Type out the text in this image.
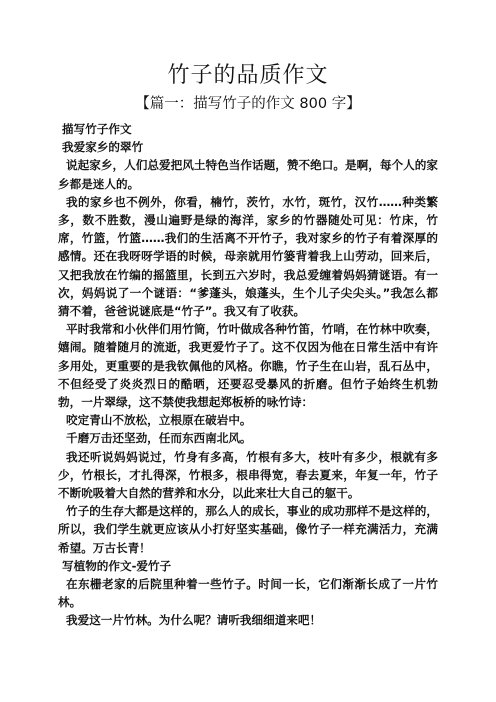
竹子的品质作文
【篇一：描写竹子的作文 800 字】

描写竹子作文

我爱家乡的翠竹

说起家乡，人们总爱把风土特色当作话题，赞不绝口。是啊，每个人的家乡都是迷人的。

我的家乡也不例外，你看，楠竹，茨竹，水竹，斑竹，汉竹……种类繁多，数不胜数，漫山遍野是绿的海洋，家乡的竹器随处可见：竹床，竹席，竹篮，竹篮……我们的生活离不开竹子，我对家乡的竹子有着深厚的感情。还在我呀呀学语的时候，母亲就用竹篓背着我上山劳动，回来后，又把我放在竹编的摇篮里，长到五六岁时，我总爱缠着妈妈猜谜语。有一次，妈妈说了一个谜语：“爹蓬头，娘蓬头，生个儿子尖尖头。”我怎么都猜不着，爸爸说谜底是“竹子”。我又有了收获。

平时我常和小伙伴们用竹筒，竹叶做成各种竹笛，竹哨，在竹林中吹奏，嬉闹。随着随月的流逝，我更爱竹子了。这不仅因为他在日常生活中有许多用处，更重要的是我钦佩他的风格。你瞧，竹子生在山岩，乱石丛中，不但经受了炎炎烈日的酷晒，还要忍受暴风的折磨。但竹子始终生机勃勃，一片翠绿，这不禁使我想起郑板桥的咏竹诗：

咬定青山不放松，立根原在破岩中。

千磨万击还坚劲，任而东西南北风。

我还听说妈妈说过，竹身有多高，竹根有多大，枝叶有多少，根就有多少，竹根长，才扎得深，竹根多，根串得宽，春去夏来，年复一年，竹子不断吮吸着大自然的营养和水分，以此来壮大自己的躯干。

竹子的生存大都是这样的，那么人的成长，事业的成功那样不是这样的，所以，我们学生就更应该从小打好坚实基础，像竹子一样充满活力，充满希望。万古长青！

写植物的作文-爱竹子

在东栅老家的后院里种着一些竹子。时间一长，它们渐渐长成了一片竹林。

我爱这一片竹林。为什么呢？请听我细细道来吧！
